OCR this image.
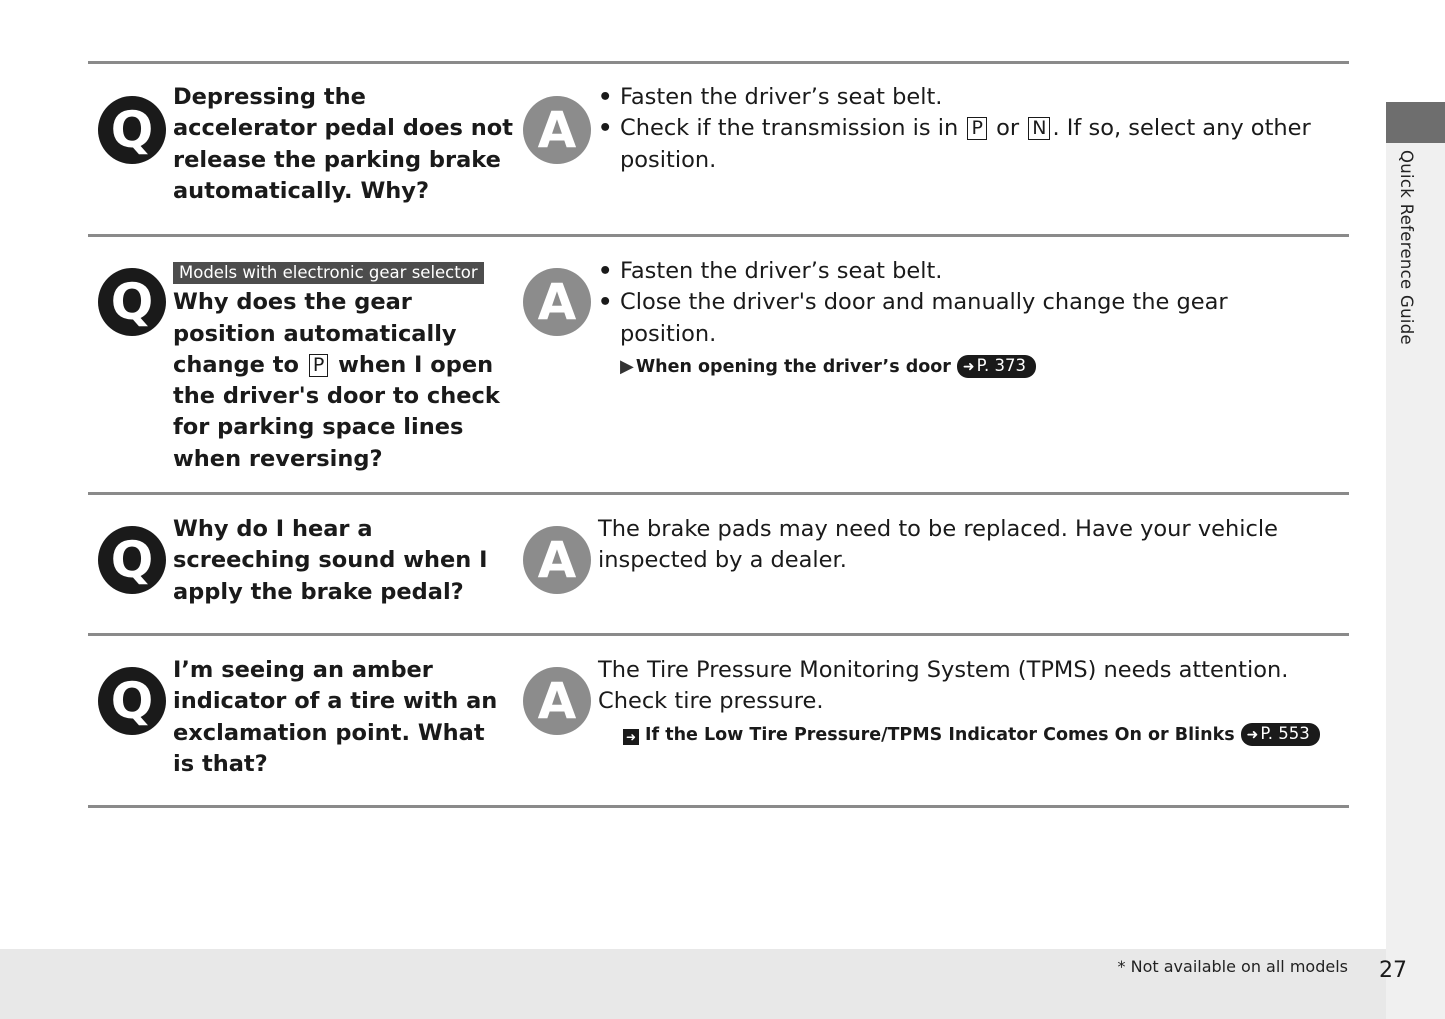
Q
Depressing the accelerator pedal does not release the parking brake automatically. Why?
A
• Fasten the driver’s seat belt.
• Check if the transmission is in P or N . If so, select any other position.
Q
Models with electronic gear selector
Why does the gear position automatically change to P when I open the driver's door to check for parking space lines when reversing?
A
• Fasten the driver’s seat belt.
• Close the driver's door and manually change the gear position.
▶ When opening the driver’s door ➜ P. 373
Q
Why do I hear a screeching sound when I apply the brake pedal?
A
The brake pads may need to be replaced. Have your vehicle inspected by a dealer.
Q
I’m seeing an amber indicator of a tire with an exclamation point. What is that?
A
The Tire Pressure Monitoring System (TPMS) needs attention. Check tire pressure.
➜ If the Low Tire Pressure/TPMS Indicator Comes On or Blinks ➜ P. 553
Quick Reference Guide
* Not available on all models 27
